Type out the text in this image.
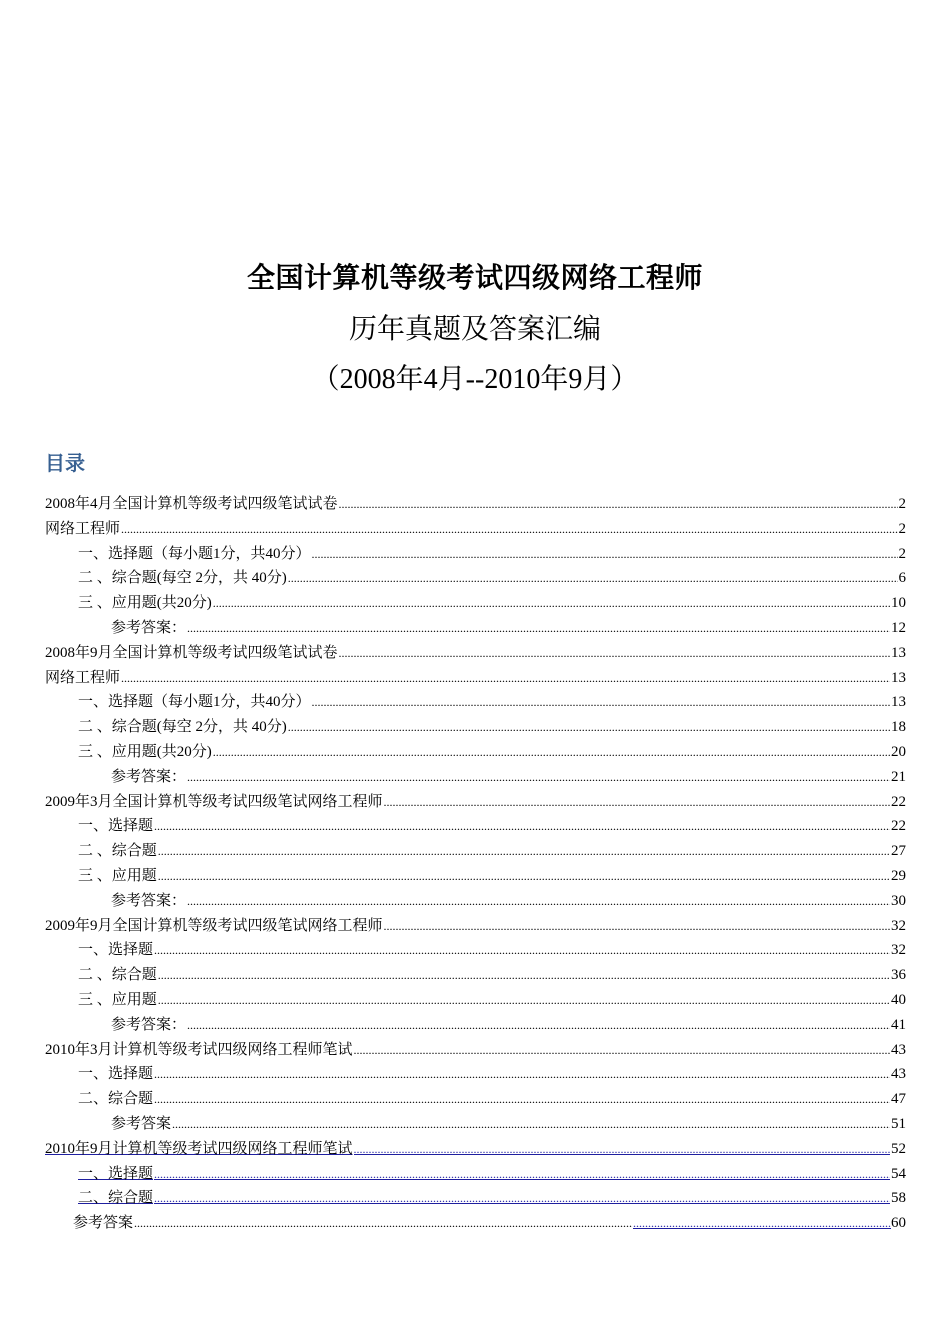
全国计算机等级考试四级网络工程师

历年真题及答案汇编

（2008年4月--2010年9月）

目录
2008年4月全国计算机等级考试四级笔试试卷 .....	2
网络工程师 .....	2
一、选择题（每小题1分，共40分） .....	2
二 、综合题(每空 2分，共 40分) .....	6
三 、应用题(共20分) .....	10
参考答案： .....	12
2008年9月全国计算机等级考试四级笔试试卷 .....	13
网络工程师 .....	13
一、选择题（每小题1分，共40分） .....	13
二 、综合题(每空 2分，共 40分) .....	18
三 、应用题(共20分) .....	20
参考答案： .....	21
2009年3月全国计算机等级考试四级笔试网络工程师 .....	22
一、选择题 .....	22
二 、综合题 .....	27
三 、应用题 .....	29
参考答案： .....	30
2009年9月全国计算机等级考试四级笔试网络工程师 .....	32
一、选择题 .....	32
二 、综合题 .....	36
三 、应用题 .....	40
参考答案： .....	41
2010年3月计算机等级考试四级网络工程师笔试 .....	43
一、选择题 .....	43
二、综合题 .....	47
参考答案 .....	51
2010年9月计算机等级考试四级网络工程师笔试 .....	52
一、选择题 .....	54
二、综合题 .....	58
参考答案 ..... .....	60
